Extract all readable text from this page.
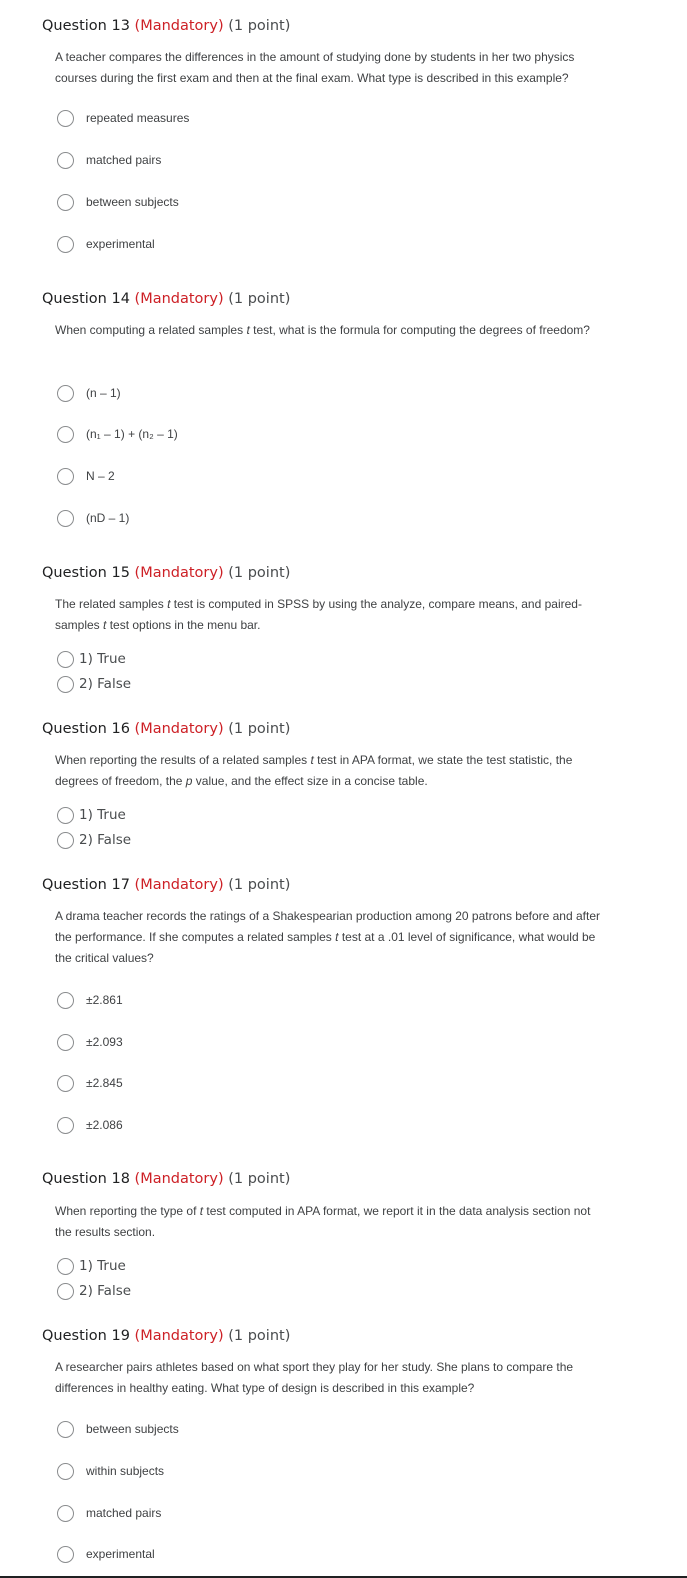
Question 13 (Mandatory) (1 point)
A teacher compares the differences in the amount of studying done by students in her two physics courses during the first exam and then at the final exam. What type is described in this example?
repeated measures
matched pairs
between subjects
experimental
Question 14 (Mandatory) (1 point)
When computing a related samples t test, what is the formula for computing the degrees of freedom?
(n – 1)
(n₁ – 1) + (n₂ – 1)
N – 2
(nD – 1)
Question 15 (Mandatory) (1 point)
The related samples t test is computed in SPSS by using the analyze, compare means, and paired-samples t test options in the menu bar.
1) True
2) False
Question 16 (Mandatory) (1 point)
When reporting the results of a related samples t test in APA format, we state the test statistic, the degrees of freedom, the p value, and the effect size in a concise table.
1) True
2) False
Question 17 (Mandatory) (1 point)
A drama teacher records the ratings of a Shakespearian production among 20 patrons before and after the performance. If she computes a related samples t test at a .01 level of significance, what would be the critical values?
±2.861
±2.093
±2.845
±2.086
Question 18 (Mandatory) (1 point)
When reporting the type of t test computed in APA format, we report it in the data analysis section not the results section.
1) True
2) False
Question 19 (Mandatory) (1 point)
A researcher pairs athletes based on what sport they play for her study. She plans to compare the differences in healthy eating. What type of design is described in this example?
between subjects
within subjects
matched pairs
experimental
